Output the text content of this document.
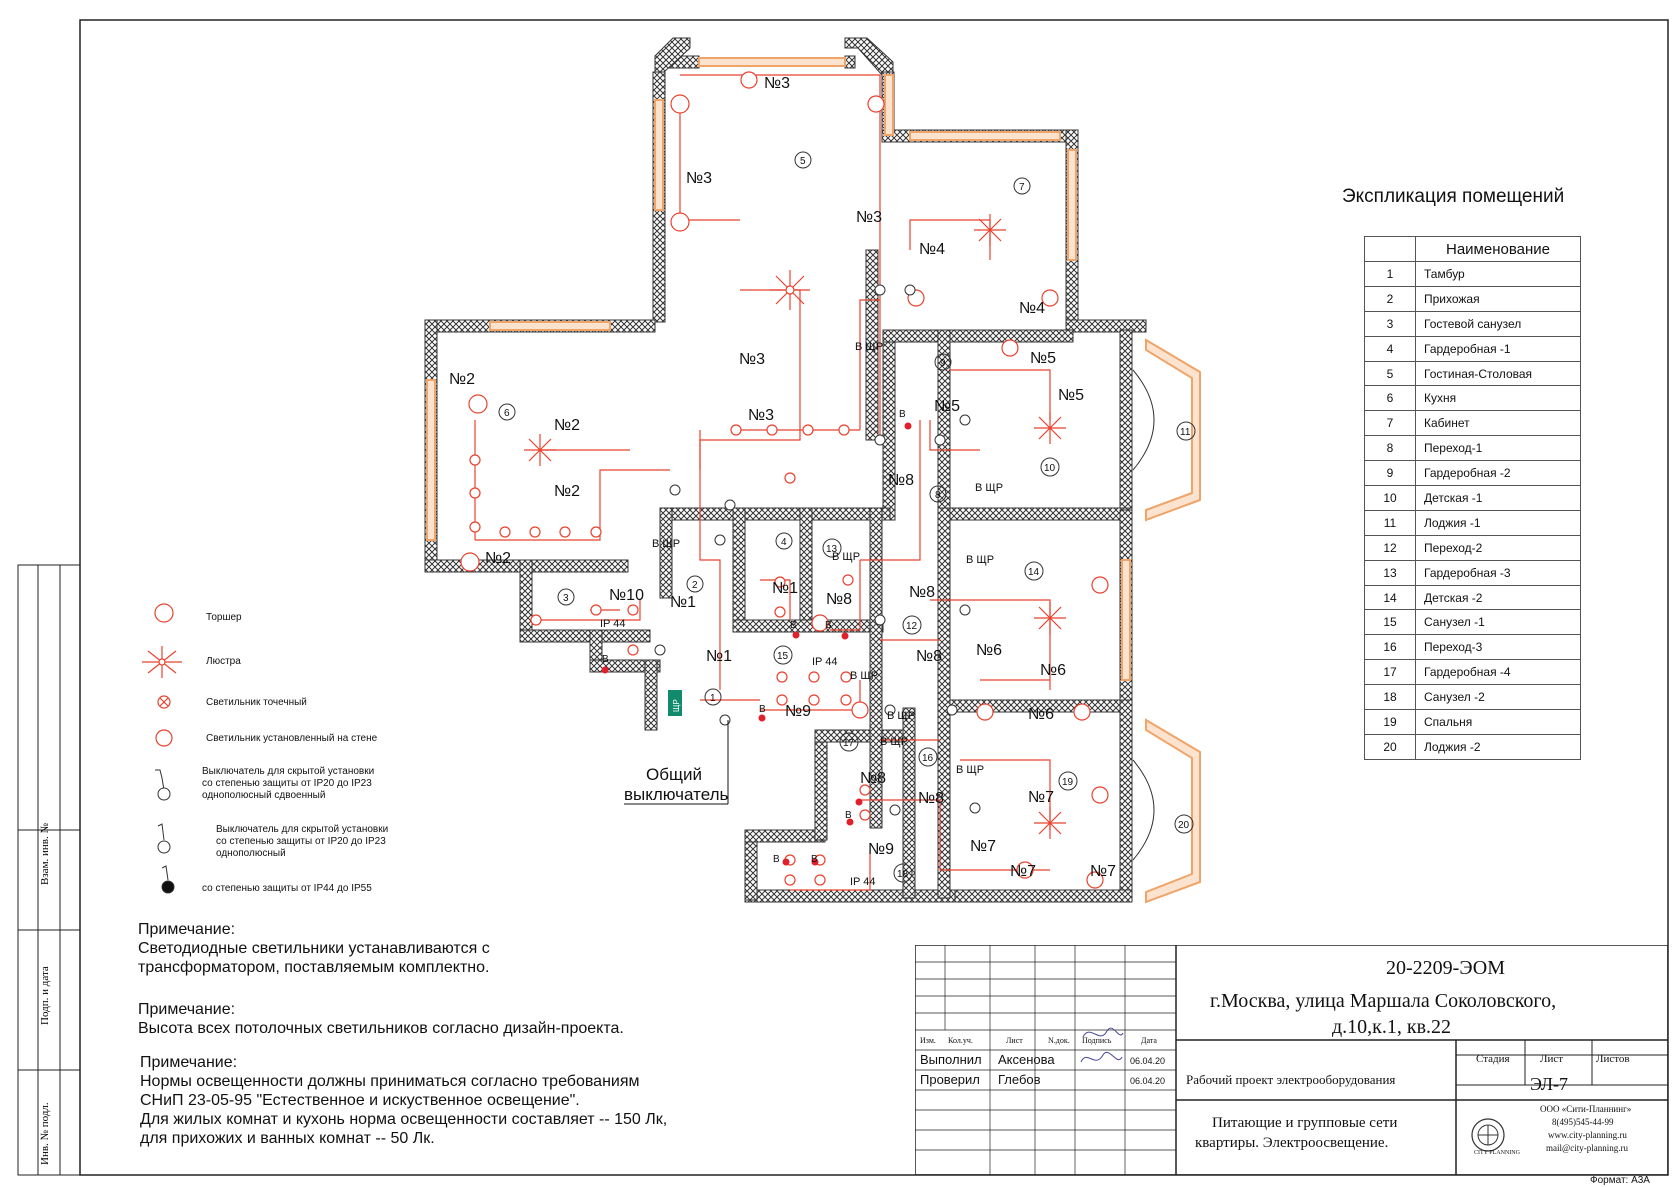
Взам. инв. №
Подп. и дата
Инв. № подл.
ЩР
1
2
3
4
5
6
7
8
9
10
11
12
13
14
15
16
17
18
19
20
№3
№3
№3
№3
№3
№4
№4
№2
№2
№2
№2
№5
№5
№5
№8
№10	№1
№1
№1
№8	№8
№8 №6
№6
№6
№9
№8
№8
№9
№7
№7
№7	№7
В ЩР
В ЩР
В ЩР
В ЩР	В ЩР
В ЩР
В ЩР
В ЩР
В ЩР
IP 44
IP 44
IP 44
В
В
В	В
В
В
В	В
Общий
выключатель
Торшер
Люстра
Светильник точечный
Светильник установленный на стене
Выключатель для скрытой установки
со степенью защиты от IP20 до IP23
однополюсный сдвоенный
Выключатель для скрытой установки
со степенью защиты от IP20 до IP23
однополюсный
со степенью защиты от IP44 до IP55
Экспликация помещений
	Наименование
1	Тамбур
2	Прихожая
3	Гостевой санузел
4	Гардеробная -1
5	Гостиная-Столовая
6	Кухня
7	Кабинет
8	Переход-1
9	Гардеробная -2
10	Детская -1
11	Лоджия -1
12	Переход-2
13	Гардеробная -3
14	Детская -2
15	Санузел -1
16	Переход-3
17	Гардеробная -4
18	Санузел -2
19	Спальня
20	Лоджия -2
Примечание:
Светодиодные светильники устанавливаются с
трансформатором, поставляемым комплектно.
Примечание:
Высота всех потолочных светильников согласно дизайн-проекта.
Примечание:
Нормы освещенности должны приниматься согласно требованиям
СНиП 23-05-95 "Естественное и искуственное освещение".
Для жилых комнат и кухонь норма освещенности составляет -- 150 Лк,
для прихожих и ванных комнат -- 50 Лк.
Изм. Кол.уч.	Лист	N.док. Подпись	Дата
Выполнил Аксенова	06.04.20
Проверил Глебов	06.04.20
20-2209-ЭОМ
г.Москва, улица Маршала Соколовского,
д.10,к.1, кв.22
Рабочий проект электрооборудования
Стадия	Лист	Листов
ЭЛ-7
Питающие и групповые сети
квартиры. Электроосвещение.
CITY PLANNING
ООО «Сити-Планнинг»
8(495)545-44-99
www.city-planning.ru
mail@city-planning.ru
Формат: А3А
